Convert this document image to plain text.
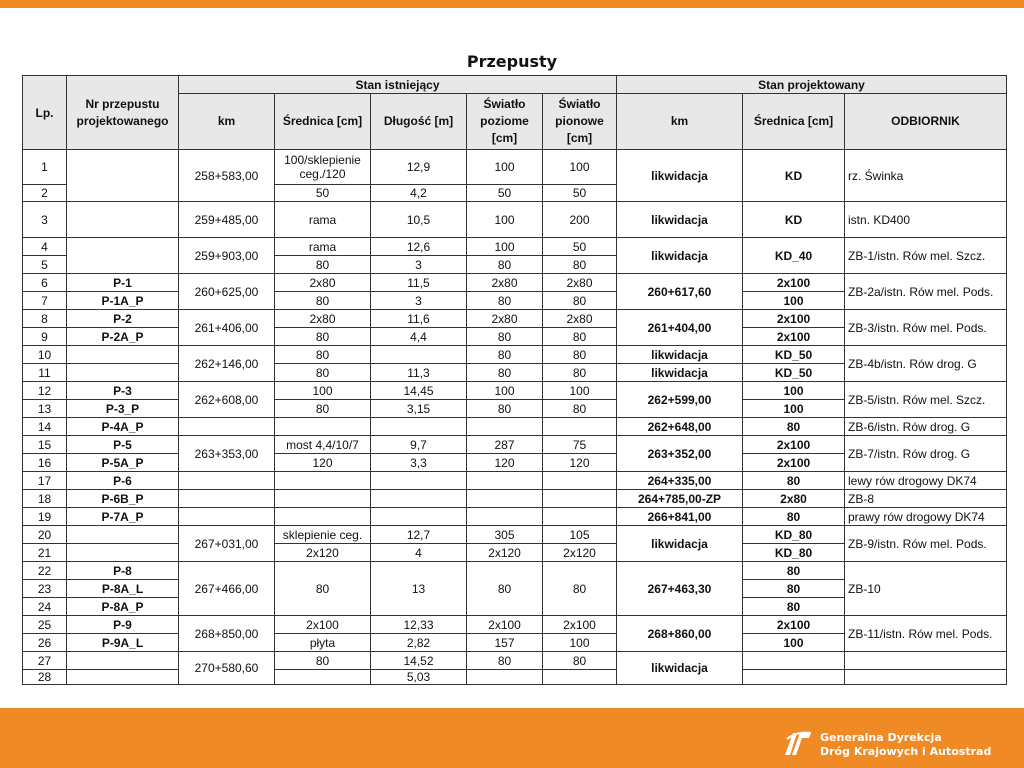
Przepusty
Lp.	Nr przepustu projektowanego	Stan istniejący					Stan projektowany		
		km	Średnica [cm]	Długość [m]	Światło poziome [cm]	Światło pionowe [cm]	km	Średnica [cm]	ODBIORNIK
1		258+583,00	100/sklepienie ceg./120	12,9	100	100	likwidacja	KD	rz. Świnka
2			50	4,2	50	50			
3		259+485,00	rama	10,5	100	200	likwidacja	KD	istn. KD400
4		259+903,00	rama	12,6	100	50	likwidacja	KD_40	ZB-1/istn. Rów mel. Szcz.
5			80	3	80	80			
6	P-1	260+625,00	2x80	11,5	2x80	2x80	260+617,60	2x100	ZB-2a/istn. Rów mel. Pods.
7	P-1A_P		80	3	80	80		100	
8	P-2	261+406,00	2x80	11,6	2x80	2x80	261+404,00	2x100	ZB-3/istn. Rów mel. Pods.
9	P-2A_P		80	4,4	80	80		2x100	
10		262+146,00	80		80	80	likwidacja	KD_50	ZB-4b/istn. Rów drog. G
11			80	11,3	80	80	likwidacja	KD_50	
12	P-3	262+608,00	100	14,45	100	100	262+599,00	100	ZB-5/istn. Rów mel. Szcz.
13	P-3_P		80	3,15	80	80		100	
14	P-4A_P						262+648,00	80	ZB-6/istn. Rów drog. G
15	P-5	263+353,00	most 4,4/10/7	9,7	287	75	263+352,00	2x100	ZB-7/istn. Rów drog. G
16	P-5A_P		120	3,3	120	120		2x100	
17	P-6						264+335,00	80	lewy rów drogowy DK74
18	P-6B_P						264+785,00-ZP	2x80	ZB-8
19	P-7A_P						266+841,00	80	prawy rów drogowy DK74
20		267+031,00	sklepienie ceg.	12,7	305	105	likwidacja	KD_80	ZB-9/istn. Rów mel. Pods.
21			2x120	4	2x120	2x120		KD_80	
22	P-8	267+466,00	80	13	80	80	267+463,30	80	ZB-10
23	P-8A_L							80	
24	P-8A_P							80	
25	P-9	268+850,00	2x100	12,33	2x100	2x100	268+860,00	2x100	ZB-11/istn. Rów mel. Pods.
26	P-9A_L		płyta	2,82	157	100		100	
27		270+580,60	80	14,52	80	80	likwidacja		
28				5,03					
Generalna Dyrekcja
Dróg Krajowych i Autostrad
